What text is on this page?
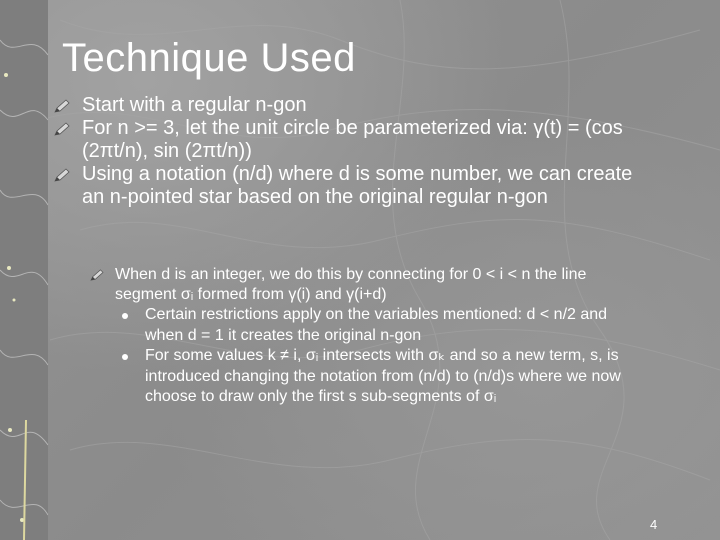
Technique Used
Start with a regular n-gon
For n >= 3, let the unit circle be parameterized via: γ(t) = (cos (2πt/n), sin (2πt/n))
Using a notation (n/d) where d is some number, we can create an n-pointed star based on the original regular n-gon
When d is an integer, we do this by connecting for 0 < i < n the line segment σᵢ formed from γ(i) and γ(i+d)
Certain restrictions apply on the variables mentioned: d < n/2 and when d = 1 it creates the original n-gon
For some values k ≠ i, σᵢ intersects with σₖ and so a new term, s, is introduced changing the notation from (n/d) to (n/d)s where we now choose to draw only the first s sub-segments of σᵢ
4
